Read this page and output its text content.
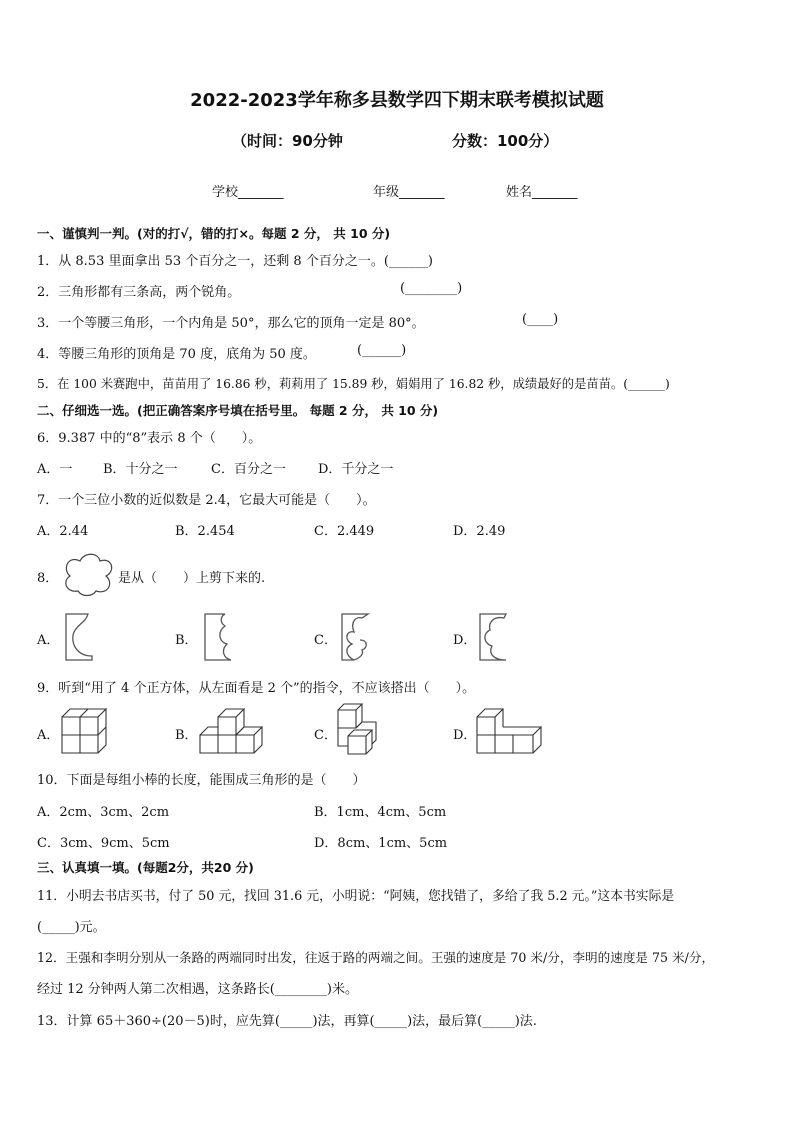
2022-2023学年称多县数学四下期末联考模拟试题
（时间：90分钟	分数：100分）
学校_______	年级_______	姓名_______
一、谨慎判一判。(对的打√，错的打×。每题 2 分， 共 10 分)
1．从 8.53 里面拿出 53 个百分之一，还剩 8 个百分之一。(______)
2．三角形都有三条高，两个锐角。	(________)
3．一个等腰三角形，一个内角是 50°，那么它的顶角一定是 80°。	(____)
4．等腰三角形的顶角是 70 度，底角为 50 度。	(______)
5．在 100 米赛跑中，苗苗用了 16.86 秒，莉莉用了 15.89 秒，娟娟用了 16.82 秒，成绩最好的是苗苗。(______)
二、仔细选一选。(把正确答案序号填在括号里。 每题 2 分， 共 10 分)
6．9.387 中的“8”表示 8 个（　　）。
A．一 B．十分之一	C．百分之一 D．千分之一
7．一个三位小数的近似数是 2.4，它最大可能是（　　）。
A．2.44	B．2.454	C．2.449	D．2.49
8．	是从（　　）上剪下来的.
A．	B．	C．	D．
9．听到“用了 4 个正方体，从左面看是 2 个”的指令，不应该搭出（　　）。
A．	B．	C．	D．
10．下面是每组小棒的长度，能围成三角形的是（　　）
A．2cm、3cm、2cm	B．1cm、4cm、5cm
C．3cm、9cm、5cm	D．8cm、1cm、5cm
三、认真填一填。(每题2分，共20 分)
11．小明去书店买书，付了 50 元，找回 31.6 元，小明说：“阿姨，您找错了，多给了我 5.2 元。”这本书实际是
(_____)元。
12．王强和李明分别从一条路的两端同时出发，往返于路的两端之间。王强的速度是 70 米/分，李明的速度是 75 米/分，
经过 12 分钟两人第二次相遇，这条路长(________)米。
13．计算 65＋360÷(20－5)时，应先算(_____)法，再算(_____)法，最后算(_____)法.
